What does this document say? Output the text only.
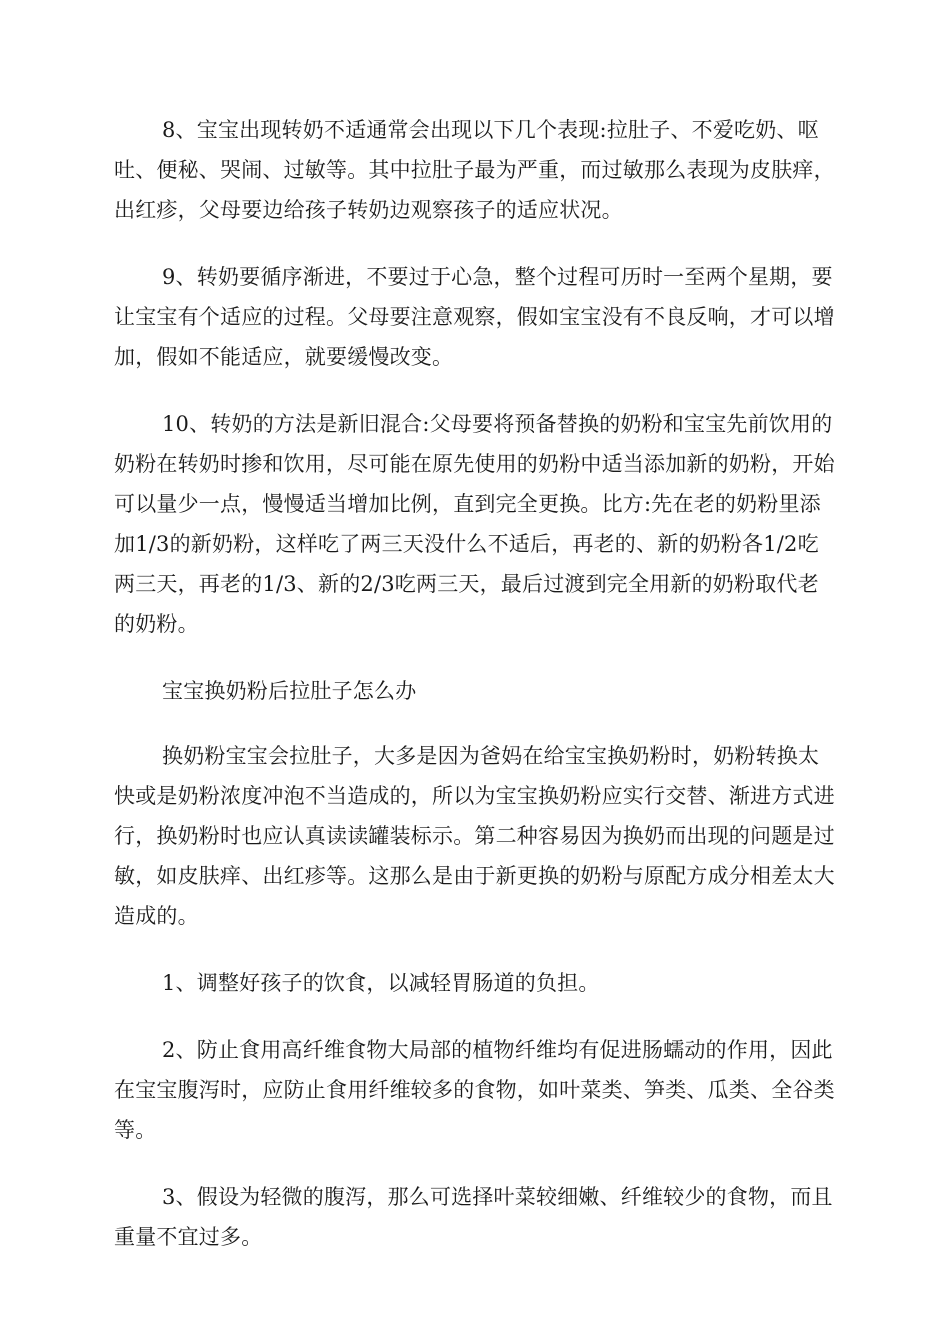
8、宝宝出现转奶不适通常会出现以下几个表现:拉肚子、不爱吃奶、呕吐、便秘、哭闹、过敏等。其中拉肚子最为严重，而过敏那么表现为皮肤痒，出红疹，父母要边给孩子转奶边观察孩子的适应状况。

9、转奶要循序渐进，不要过于心急，整个过程可历时一至两个星期，要让宝宝有个适应的过程。父母要注意观察，假如宝宝没有不良反响，才可以增加，假如不能适应，就要缓慢改变。

10、转奶的方法是新旧混合:父母要将预备替换的奶粉和宝宝先前饮用的奶粉在转奶时掺和饮用，尽可能在原先使用的奶粉中适当添加新的奶粉，开始可以量少一点，慢慢适当增加比例，直到完全更换。比方:先在老的奶粉里添加1/3的新奶粉，这样吃了两三天没什么不适后，再老的、新的奶粉各1/2吃两三天，再老的1/3、新的2/3吃两三天，最后过渡到完全用新的奶粉取代老的奶粉。

宝宝换奶粉后拉肚子怎么办

换奶粉宝宝会拉肚子，大多是因为爸妈在给宝宝换奶粉时，奶粉转换太快或是奶粉浓度冲泡不当造成的，所以为宝宝换奶粉应实行交替、渐进方式进行，换奶粉时也应认真读读罐装标示。第二种容易因为换奶而出现的问题是过敏，如皮肤痒、出红疹等。这那么是由于新更换的奶粉与原配方成分相差太大造成的。

1、调整好孩子的饮食，以减轻胃肠道的负担。

2、防止食用高纤维食物大局部的植物纤维均有促进肠蠕动的作用，因此在宝宝腹泻时，应防止食用纤维较多的食物，如叶菜类、笋类、瓜类、全谷类等。

3、假设为轻微的腹泻，那么可选择叶菜较细嫩、纤维较少的食物，而且重量不宜过多。
